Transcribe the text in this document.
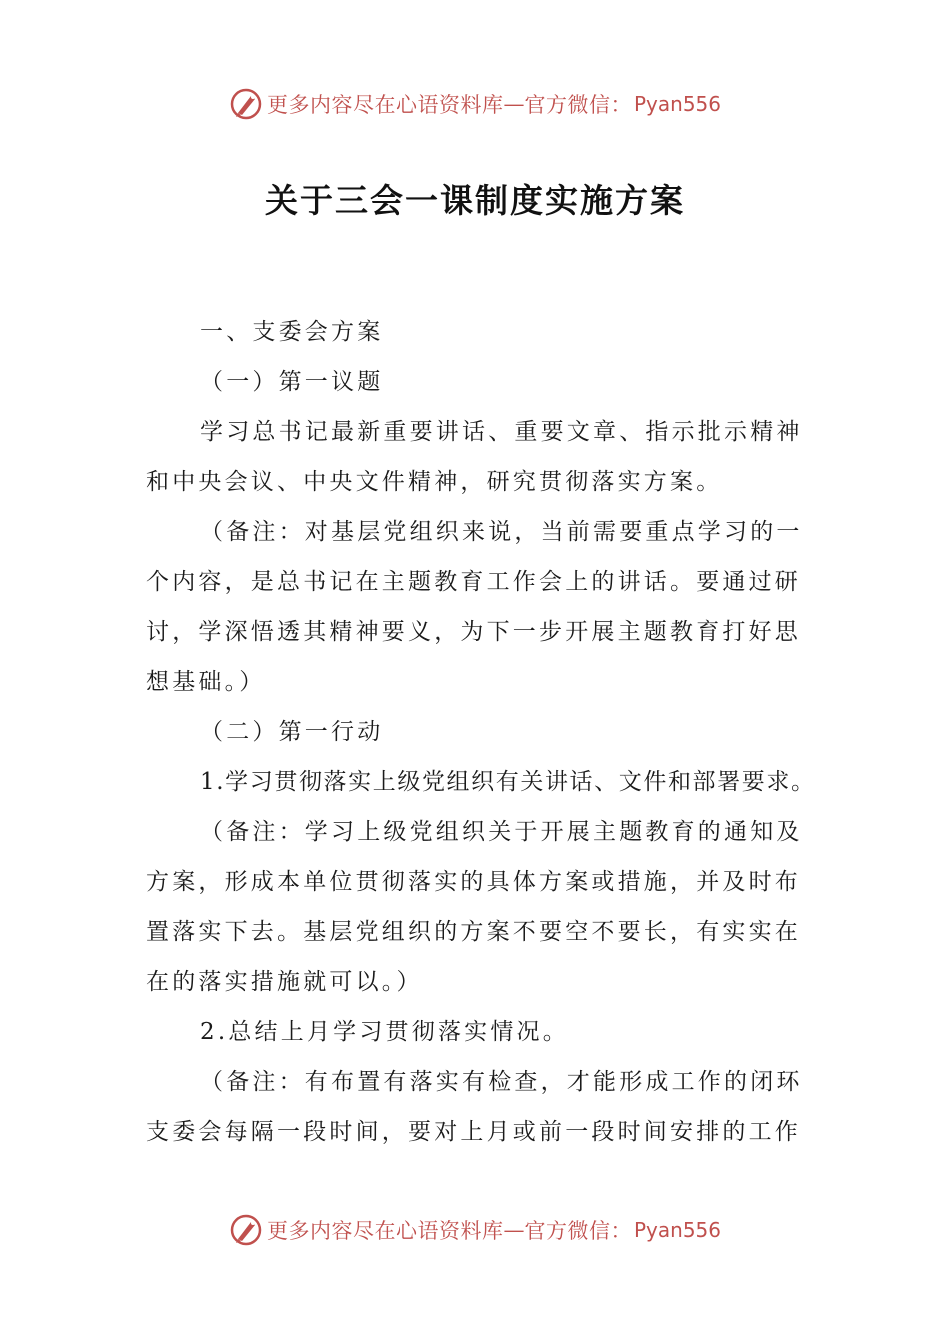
更多内容尽在心语资料库 — 官方微信： Pyan556
关于三会一课制度实施方案

一、支委会方案

（一）第一议题

学习总书记最新重要讲话、重要文章、指示批示精神和中央会议、中央文件精神，研究贯彻落实方案。

（备注：对基层党组织来说，当前需要重点学习的一个内容，是总书记在主题教育工作会上的讲话。要通过研讨，学深悟透其精神要义，为下一步开展主题教育打好思想基础。）

（二）第一行动

1.学习贯彻落实上级党组织有关讲话、文件和部署要求。

（备注：学习上级党组织关于开展主题教育的通知及方案，形成本单位贯彻落实的具体方案或措施，并及时布置落实下去。基层党组织的方案不要空不要长，有实实在在的落实措施就可以。）

2.总结上月学习贯彻落实情况。

（备注：有布置有落实有检查，才能形成工作的闭环支委会每隔一段时间，要对上月或前一段时间安排的工作

更多内容尽在心语资料库 — 官方微信： Pyan556
